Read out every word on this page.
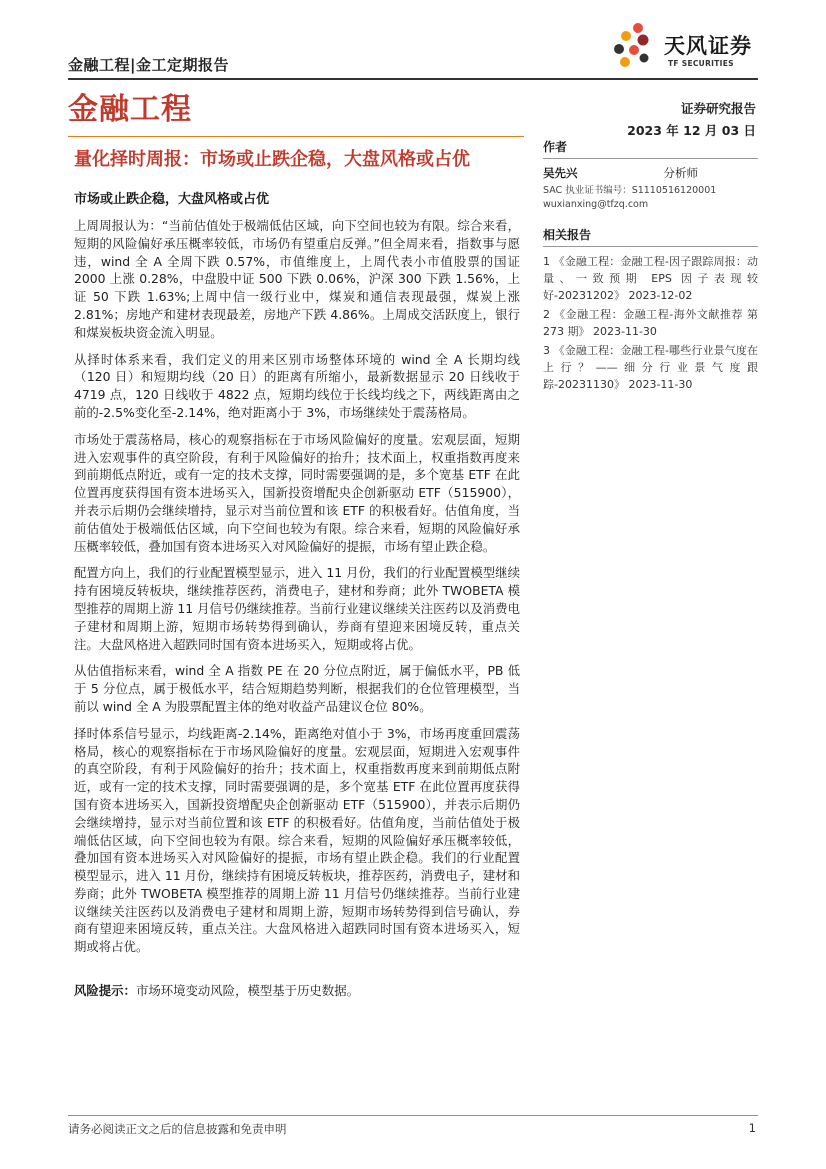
金融工程|金工定期报告
天风证券
TF SECURITIES
金融工程	证券研究报告
2023 年 12 月 03 日
量化择时周报：市场或止跌企稳，大盘风格或占优
市场或止跌企稳，大盘风格或占优

上周周报认为：“当前估值处于极端低估区域，向下空间也较为有限。综合来看，短期的风险偏好承压概率较低，市场仍有望重启反弹。”但全周来看，指数事与愿违，wind 全 A 全周下跌 0.57%，市值维度上，上周代表小市值股票的国证 2000 上涨 0.28%，中盘股中证 500 下跌 0.06%，沪深 300 下跌 1.56%，上证 50 下跌 1.63%;上周中信一级行业中，煤炭和通信表现最强，煤炭上涨 2.81%；房地产和建材表现最差，房地产下跌 4.86%。上周成交活跃度上，银行和煤炭板块资金流入明显。

从择时体系来看，我们定义的用来区别市场整体环境的 wind 全 A 长期均线（120 日）和短期均线（20 日）的距离有所缩小，最新数据显示 20 日线收于 4719 点，120 日线收于 4822 点，短期均线位于长线均线之下，两线距离由之前的-2.5%变化至-2.14%，绝对距离小于 3%，市场继续处于震荡格局。

市场处于震荡格局，核心的观察指标在于市场风险偏好的度量。宏观层面，短期进入宏观事件的真空阶段，有利于风险偏好的抬升；技术面上，权重指数再度来到前期低点附近，或有一定的技术支撑，同时需要强调的是，多个宽基 ETF 在此位置再度获得国有资本进场买入，国新投资增配央企创新驱动 ETF（515900），并表示后期仍会继续增持，显示对当前位置和该 ETF 的积极看好。估值角度，当前估值处于极端低估区域，向下空间也较为有限。综合来看，短期的风险偏好承压概率较低，叠加国有资本进场买入对风险偏好的提振，市场有望止跌企稳。

配置方向上，我们的行业配置模型显示，进入 11 月份，我们的行业配置模型继续持有困境反转板块，继续推荐医药，消费电子，建材和券商；此外 TWOBETA 模型推荐的周期上游 11 月信号仍继续推荐。当前行业建议继续关注医药以及消费电子建材和周期上游，短期市场转势得到确认，券商有望迎来困境反转，重点关注。大盘风格进入超跌同时国有资本进场买入，短期或将占优。

从估值指标来看，wind 全 A 指数 PE 在 20 分位点附近，属于偏低水平，PB 低于 5 分位点，属于极低水平，结合短期趋势判断，根据我们的仓位管理模型，当前以 wind 全 A 为股票配置主体的绝对收益产品建议仓位 80%。

择时体系信号显示，均线距离-2.14%，距离绝对值小于 3%，市场再度重回震荡格局，核心的观察指标在于市场风险偏好的度量。宏观层面，短期进入宏观事件的真空阶段，有利于风险偏好的抬升；技术面上，权重指数再度来到前期低点附近，或有一定的技术支撑，同时需要强调的是，多个宽基 ETF 在此位置再度获得国有资本进场买入，国新投资增配央企创新驱动 ETF（515900），并表示后期仍会继续增持，显示对当前位置和该 ETF 的积极看好。估值角度，当前估值处于极端低估区域，向下空间也较为有限。综合来看，短期的风险偏好承压概率较低，叠加国有资本进场买入对风险偏好的提振，市场有望止跌企稳。我们的行业配置模型显示，进入 11 月份，继续持有困境反转板块，推荐医药，消费电子，建材和券商；此外 TWOBETA 模型推荐的周期上游 11 月信号仍继续推荐。当前行业建议继续关注医药以及消费电子建材和周期上游，短期市场转势得到信号确认，券商有望迎来困境反转，重点关注。大盘风格进入超跌同时国有资本进场买入，短期或将占优。

风险提示：市场环境变动风险，模型基于历史数据。
作者
吴先兴	分析师
SAC 执业证书编号：S1110516120001
wuxianxing@tfzq.com
相关报告
1 《金融工程：金融工程-因子跟踪周报：动量、一致预期 EPS 因子表现较好-20231202》 2023-12-02
2 《金融工程：金融工程-海外文献推荐 第 273 期》 2023-11-30
3 《金融工程：金融工程-哪些行业景气度在上行？——细分行业景气度跟踪-20231130》 2023-11-30
请务必阅读正文之后的信息披露和免责申明	1
